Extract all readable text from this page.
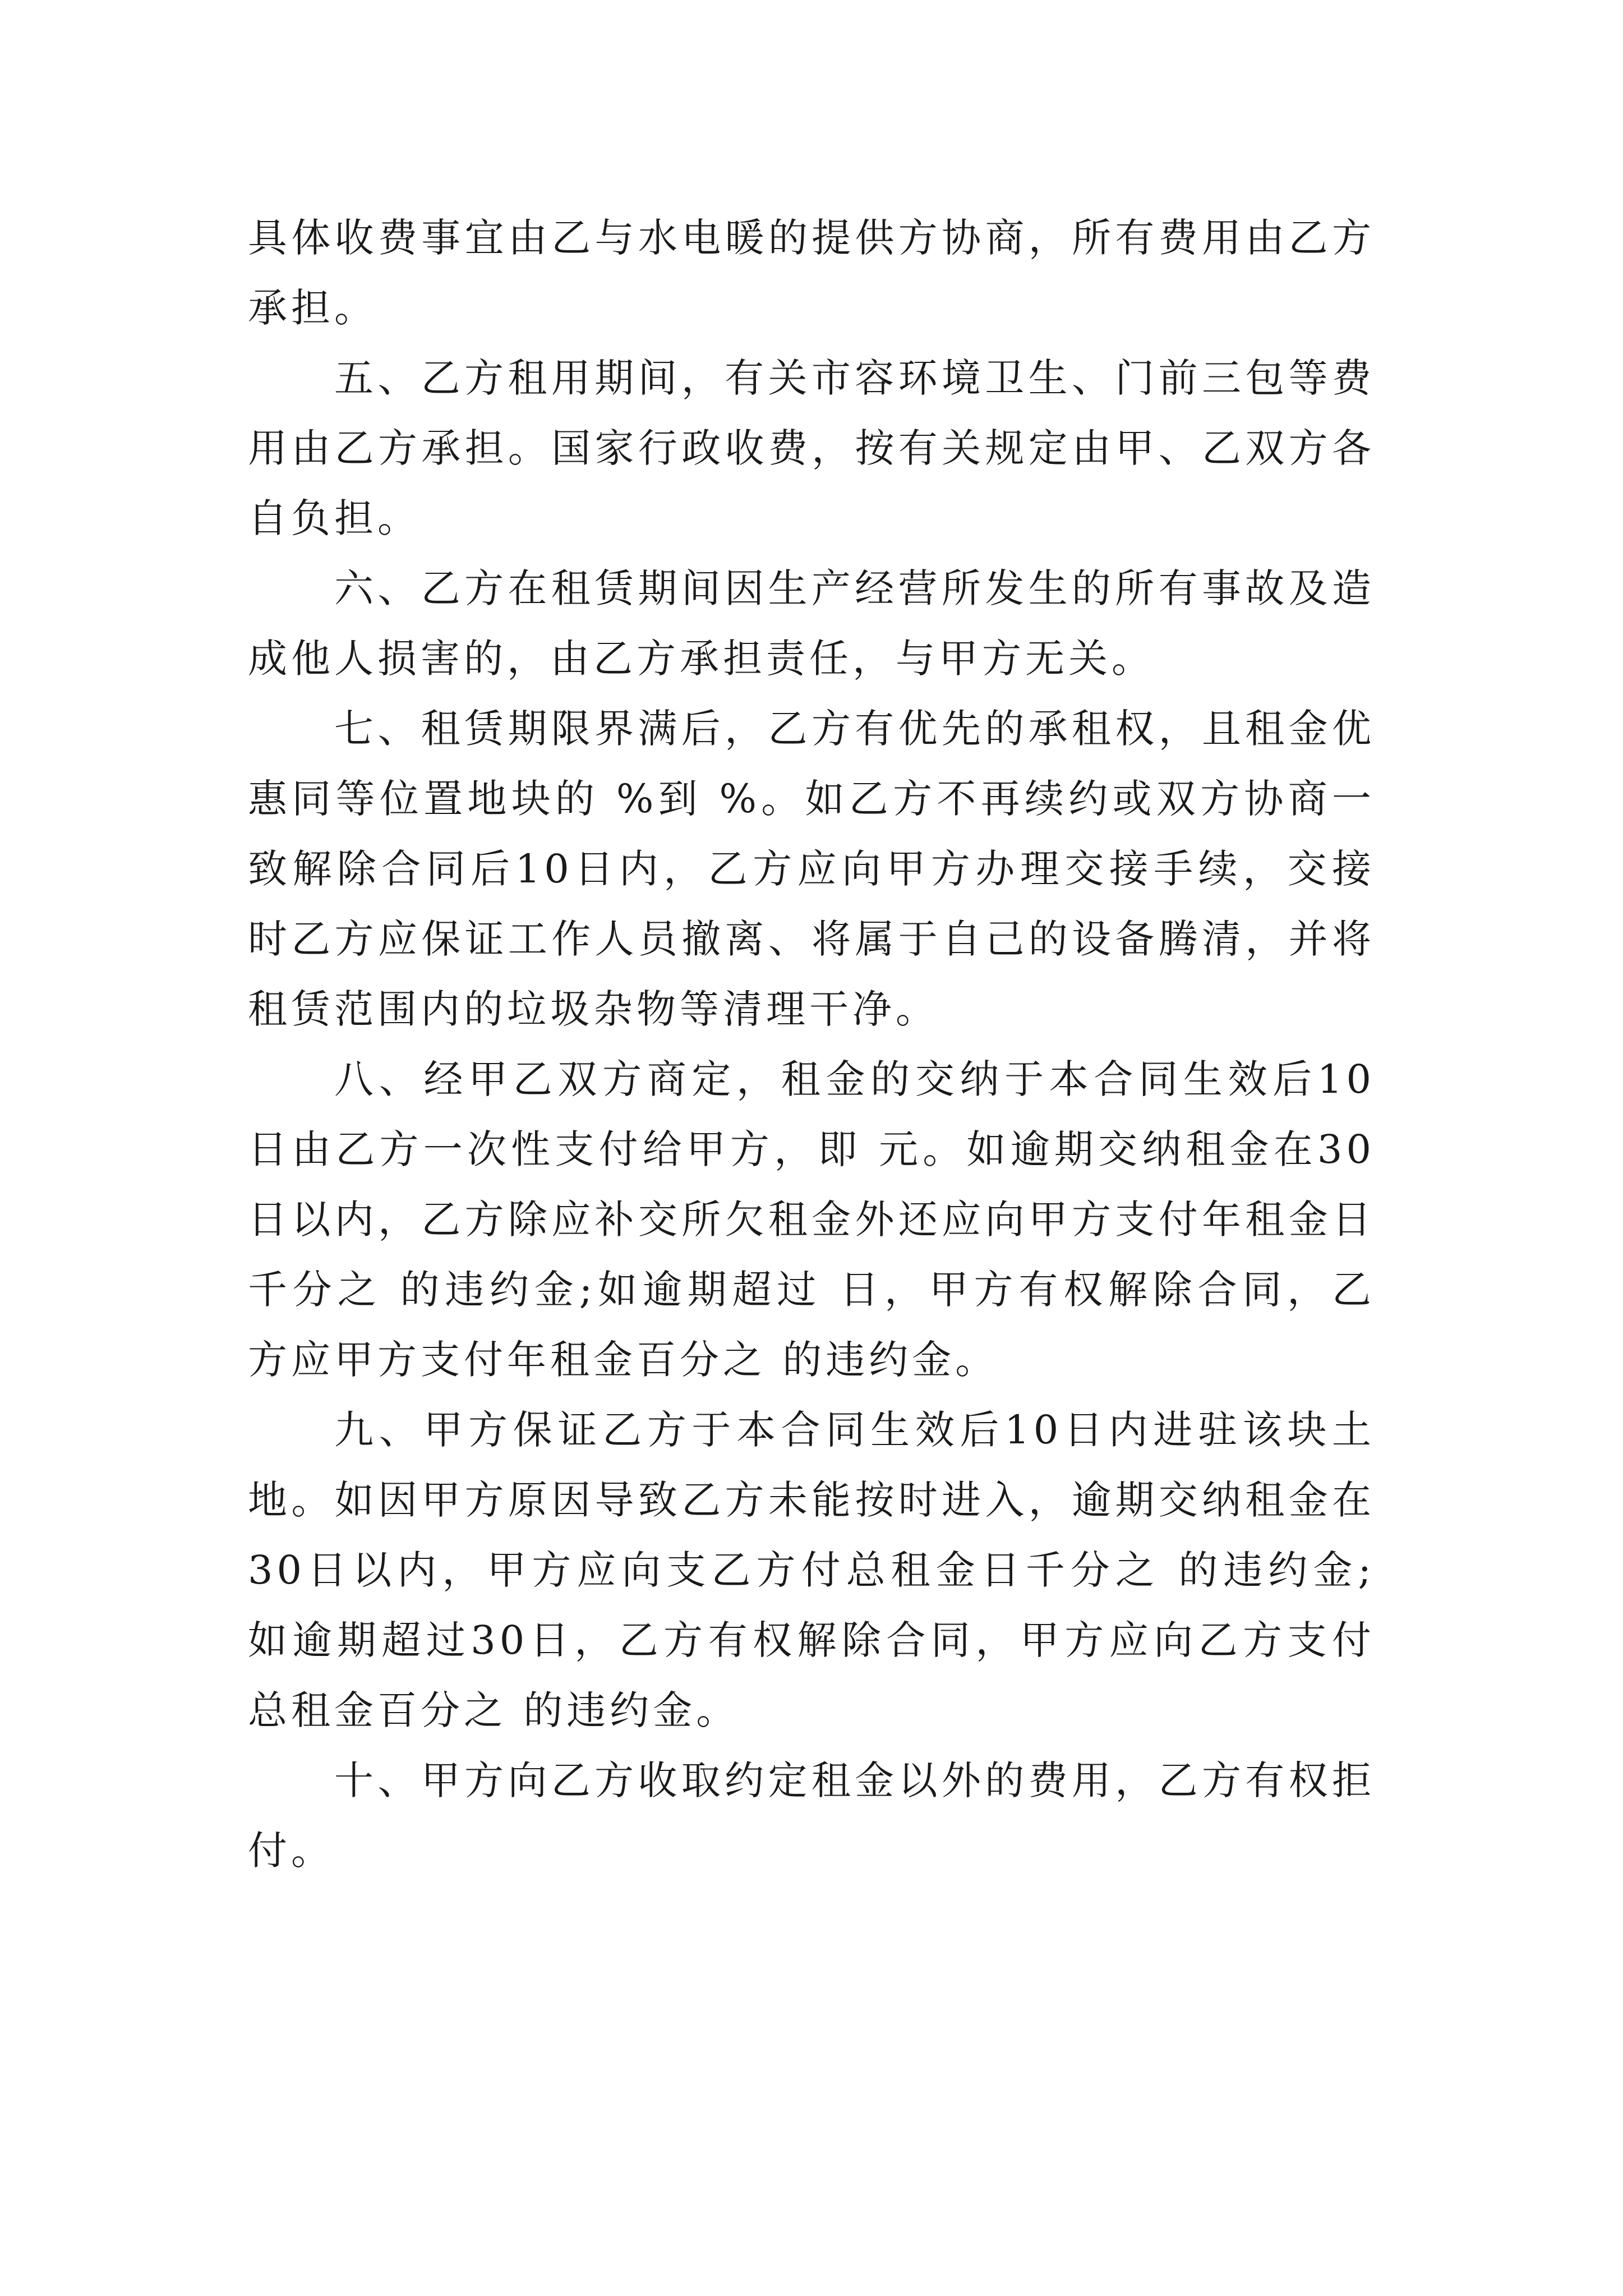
具体收费事宜由乙与水电暖的提供方协商，所有费用由乙方承担。

五、乙方租用期间，有关市容环境卫生、门前三包等费用由乙方承担。国家行政收费，按有关规定由甲、乙双方各自负担。

六、乙方在租赁期间因生产经营所发生的所有事故及造成他人损害的，由乙方承担责任，与甲方无关。

七、租赁期限界满后，乙方有优先的承租权，且租金优惠同等位置地块的 %到 %。如乙方不再续约或双方协商一致解除合同后10日内，乙方应向甲方办理交接手续，交接时乙方应保证工作人员撤离、将属于自己的设备腾清，并将租赁范围内的垃圾杂物等清理干净。

八、经甲乙双方商定，租金的交纳于本合同生效后10日由乙方一次性支付给甲方，即 元。如逾期交纳租金在30日以内，乙方除应补交所欠租金外还应向甲方支付年租金日千分之 的违约金;如逾期超过 日，甲方有权解除合同，乙方应甲方支付年租金百分之 的违约金。

九、甲方保证乙方于本合同生效后10日内进驻该块土地。如因甲方原因导致乙方未能按时进入，逾期交纳租金在30日以内，甲方应向支乙方付总租金日千分之 的违约金;如逾期超过30日，乙方有权解除合同，甲方应向乙方支付总租金百分之 的违约金。

十、甲方向乙方收取约定租金以外的费用，乙方有权拒付。
